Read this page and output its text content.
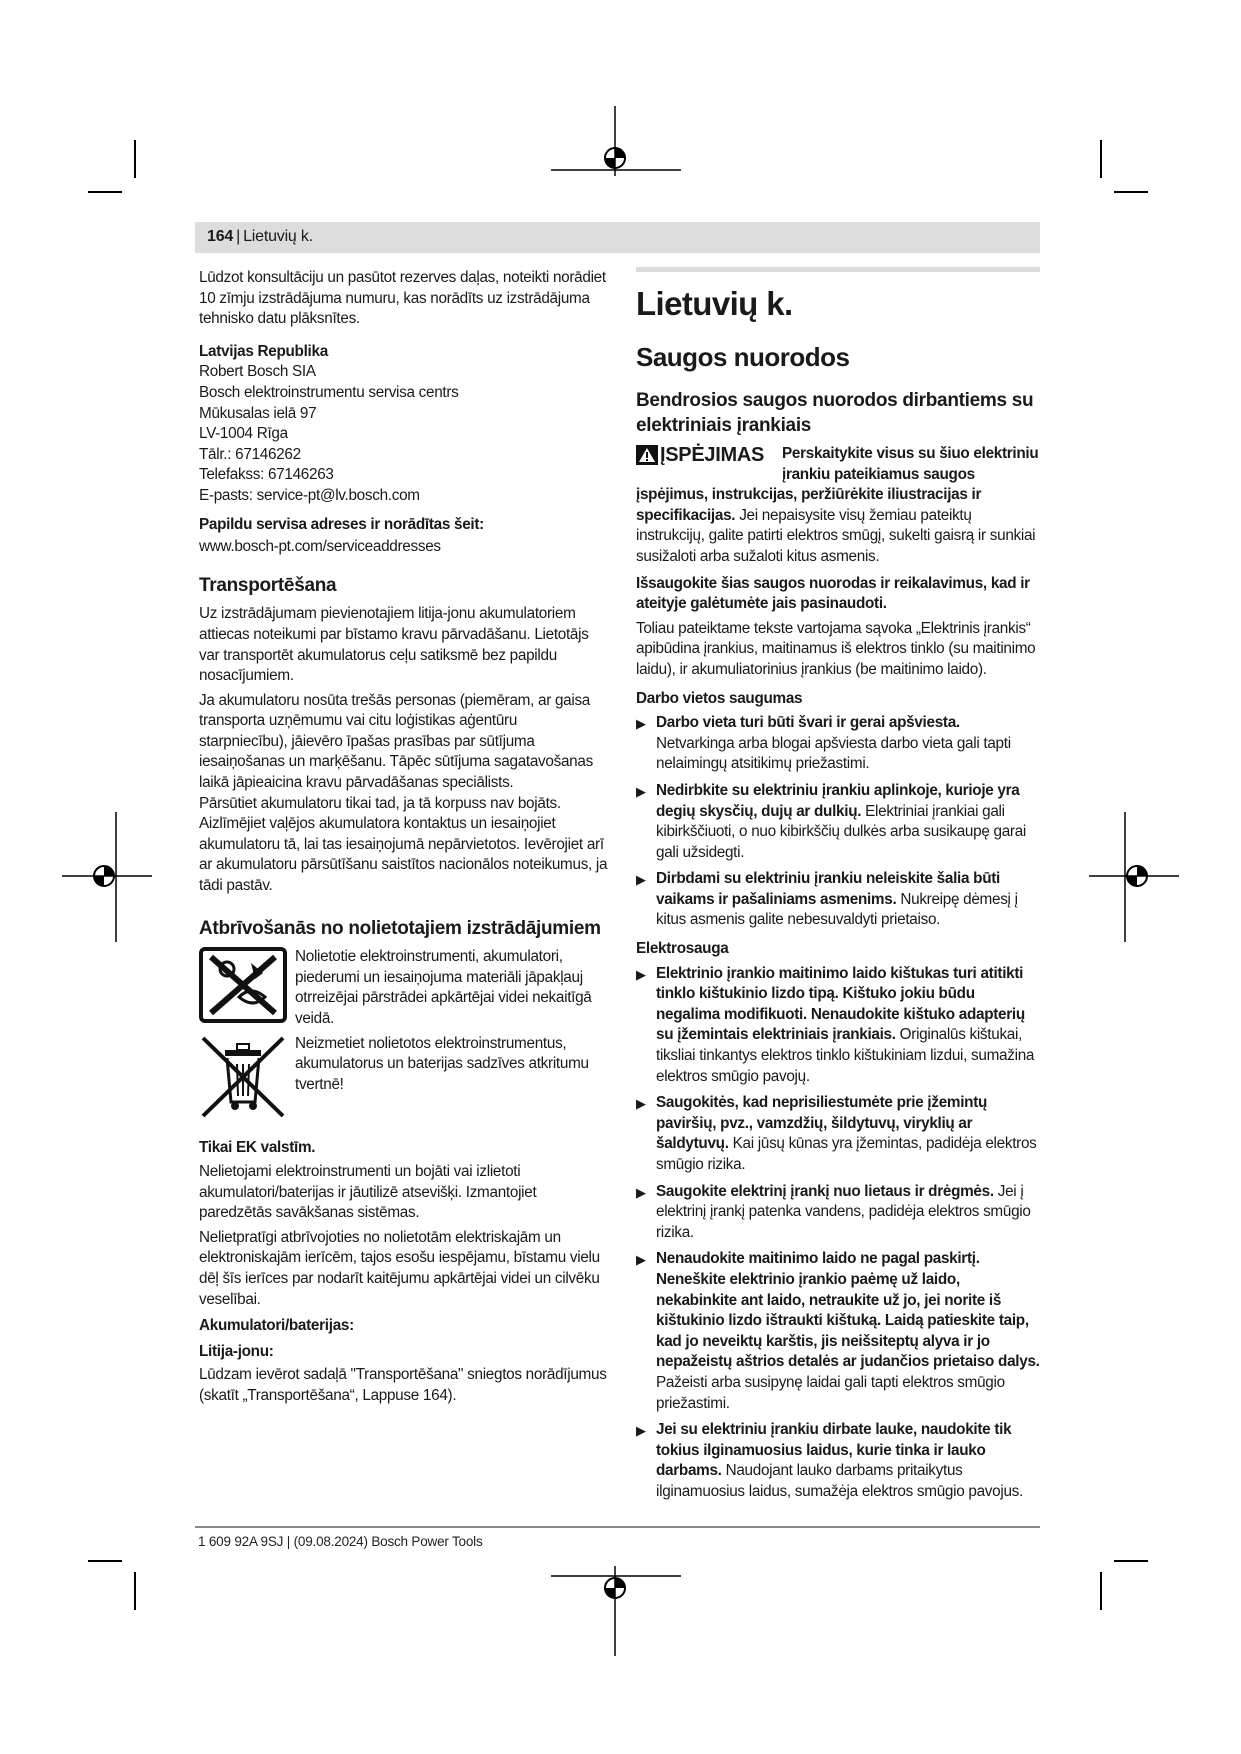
164 | Lietuvių k.

Lūdzot konsultāciju un pasūtot rezerves daļas, noteikti norādiet 10 zīmju izstrādājuma numuru, kas norādīts uz izstrādājuma tehnisko datu plāksnītes.

Latvijas Republika
Robert Bosch SIA
Bosch elektroinstrumentu servisa centrs
Mūkusalas ielā 97
LV-1004 Rīga
Tālr.: 67146262
Telefakss: 67146263
E-pasts: service-pt@lv.bosch.com

Papildu servisa adreses ir norādītas šeit:

www.bosch-pt.com/serviceaddresses

Transportēšana

Uz izstrādājumam pievienotajiem litija-jonu akumulatoriem attiecas noteikumi par bīstamo kravu pārvadāšanu. Lietotājs var transportēt akumulatorus ceļu satiksmē bez papildu nosacījumiem.

Ja akumulatoru nosūta trešās personas (piemēram, ar gaisa transporta uzņēmumu vai citu loģistikas aģentūru starpniecību), jāievēro īpašas prasības par sūtījuma iesaiņošanas un marķēšanu. Tāpēc sūtījuma sagatavošanas laikā jāpieaicina kravu pārvadāšanas speciālists.

Pārsūtiet akumulatoru tikai tad, ja tā korpuss nav bojāts. Aizlīmējiet vaļējos akumulatora kontaktus un iesaiņojiet akumulatoru tā, lai tas iesaiņojumā nepārvietotos. Ievērojiet arī ar akumulatoru pārsūtīšanu saistītos nacionālos noteikumus, ja tādi pastāv.

Atbrīvošanās no nolietotajiem izstrādājumiem

Nolietotie elektroinstrumenti, akumulatori, piederumi un iesaiņojuma materiāli jāpakļauj otrreizējai pārstrādei apkārtējai videi nekaitīgā veidā.

Neizmetiet nolietotos elektroinstrumentus, akumulatorus un baterijas sadzīves atkritumu tvertnē!

Tikai EK valstīm.

Nelietojami elektroinstrumenti un bojāti vai izlietoti akumulatori/baterijas ir jāutilizē atsevišķi. Izmantojiet paredzētās savākšanas sistēmas.

Nelietpratīgi atbrīvojoties no nolietotām elektriskajām un elektroniskajām ierīcēm, tajos esošu iespējamu, bīstamu vielu dēļ šīs ierīces par nodarīt kaitējumu apkārtējai videi un cilvēku veselībai.

Akumulatori/baterijas:

Litija-jonu:

Lūdzam ievērot sadaļā "Transportēšana" sniegtos norādījumus (skatīt „Transportēšana“, Lappuse 164).

Lietuvių k.
Saugos nuorodos
Bendrosios saugos nuorodos dirbantiems su elektriniais įrankiais
ĮSPĖJIMAS Perskaitykite visus su šiuo elektriniu įrankiu pateikiamus saugos įspėjimus, instrukcijas, peržiūrėkite iliustracijas ir specifikacijas. Jei nepaisysite visų žemiau pateiktų instrukcijų, galite patirti elektros smūgį, sukelti gaisrą ir sunkiai susižaloti arba sužaloti kitus asmenis.

Išsaugokite šias saugos nuorodas ir reikalavimus, kad ir ateityje galėtumėte jais pasinaudoti.

Toliau pateiktame tekste vartojama sąvoka „Elektrinis įrankis“ apibūdina įrankius, maitinamus iš elektros tinklo (su maitinimo laidu), ir akumuliatorinius įrankius (be maitinimo laido).

Darbo vietos saugumas

▶ Darbo vieta turi būti švari ir gerai apšviesta. Netvarkinga arba blogai apšviesta darbo vieta gali tapti nelaimingų atsitikimų priežastimi.
▶ Nedirbkite su elektriniu įrankiu aplinkoje, kurioje yra degių skysčių, dujų ar dulkių. Elektriniai įrankiai gali kibirkščiuoti, o nuo kibirkščių dulkės arba susikaupę garai gali užsidegti.
▶ Dirbdami su elektriniu įrankiu neleiskite šalia būti vaikams ir pašaliniams asmenims. Nukreipę dėmesį į kitus asmenis galite nebesuvaldyti prietaiso.

Elektrosauga

▶ Elektrinio įrankio maitinimo laido kištukas turi atitikti tinklo kištukinio lizdo tipą. Kištuko jokiu būdu negalima modifikuoti. Nenaudokite kištuko adapterių su įžemintais elektriniais įrankiais. Originalūs kištukai, tiksliai tinkantys elektros tinklo kištukiniam lizdui, sumažina elektros smūgio pavojų.
▶ Saugokitės, kad neprisiliestumėte prie įžemintų paviršių, pvz., vamzdžių, šildytuvų, viryklių ar šaldytuvų. Kai jūsų kūnas yra įžemintas, padidėja elektros smūgio rizika.
▶ Saugokite elektrinį įrankį nuo lietaus ir drėgmės. Jei į elektrinį įrankį patenka vandens, padidėja elektros smūgio rizika.
▶ Nenaudokite maitinimo laido ne pagal paskirtį. Neneškite elektrinio įrankio paėmę už laido, nekabinkite ant laido, netraukite už jo, jei norite iš kištukinio lizdo ištraukti kištuką. Laidą patieskite taip, kad jo neveiktų karštis, jis neišsiteptų alyva ir jo nepažeistų aštrios detalės ar judančios prietaiso dalys. Pažeisti arba susipynę laidai gali tapti elektros smūgio priežastimi.
▶ Jei su elektriniu įrankiu dirbate lauke, naudokite tik tokius ilginamuosius laidus, kurie tinka ir lauko darbams. Naudojant lauko darbams pritaikytus ilginamuosius laidus, sumažėja elektros smūgio pavojus.
1 609 92A 9SJ | (09.08.2024) Bosch Power Tools
